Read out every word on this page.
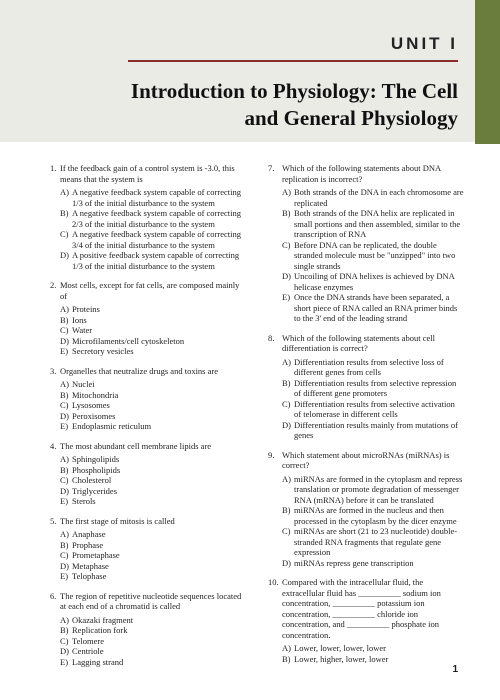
UNIT I
Introduction to Physiology: The Cell and General Physiology
1. If the feedback gain of a control system is -3.0, this means that the system is
A) A negative feedback system capable of correcting 1/3 of the initial disturbance to the system
B) A negative feedback system capable of correcting 2/3 of the initial disturbance to the system
C) A negative feedback system capable of correcting 3/4 of the initial disturbance to the system
D) A positive feedback system capable of correcting 1/3 of the initial disturbance to the system
2. Most cells, except for fat cells, are composed mainly of
A) Proteins
B) Ions
C) Water
D) Microfilaments/cell cytoskeleton
E) Secretory vesicles
3. Organelles that neutralize drugs and toxins are
A) Nuclei
B) Mitochondria
C) Lysosomes
D) Peroxisomes
E) Endoplasmic reticulum
4. The most abundant cell membrane lipids are
A) Sphingolipids
B) Phospholipids
C) Cholesterol
D) Triglycerides
E) Sterols
5. The first stage of mitosis is called
A) Anaphase
B) Prophase
C) Prometaphase
D) Metaphase
E) Telophase
6. The region of repetitive nucleotide sequences located at each end of a chromatid is called
A) Okazaki fragment
B) Replication fork
C) Telomere
D) Centriole
E) Lagging strand
7. Which of the following statements about DNA replication is incorrect?
A) Both strands of the DNA in each chromosome are replicated
B) Both strands of the DNA helix are replicated in small portions and then assembled, similar to the transcription of RNA
C) Before DNA can be replicated, the double stranded molecule must be "unzipped" into two single strands
D) Uncoiling of DNA helixes is achieved by DNA helicase enzymes
E) Once the DNA strands have been separated, a short piece of RNA called an RNA primer binds to the 3' end of the leading strand
8. Which of the following statements about cell differentiation is correct?
A) Differentiation results from selective loss of different genes from cells
B) Differentiation results from selective repression of different gene promoters
C) Differentiation results from selective activation of telomerase in different cells
D) Differentiation results mainly from mutations of genes
9. Which statement about microRNAs (miRNAs) is correct?
A) miRNAs are formed in the cytoplasm and repress translation or promote degradation of messenger RNA (mRNA) before it can be translated
B) miRNAs are formed in the nucleus and then processed in the cytoplasm by the dicer enzyme
C) miRNAs are short (21 to 23 nucleotide) double-stranded RNA fragments that regulate gene expression
D) miRNAs repress gene transcription
10. Compared with the intracellular fluid, the extracellular fluid has __________ sodium ion concentration, __________ potassium ion concentration, __________ chloride ion concentration, and __________ phosphate ion concentration.
A) Lower, lower, lower, lower
B) Lower, higher, lower, lower
1
